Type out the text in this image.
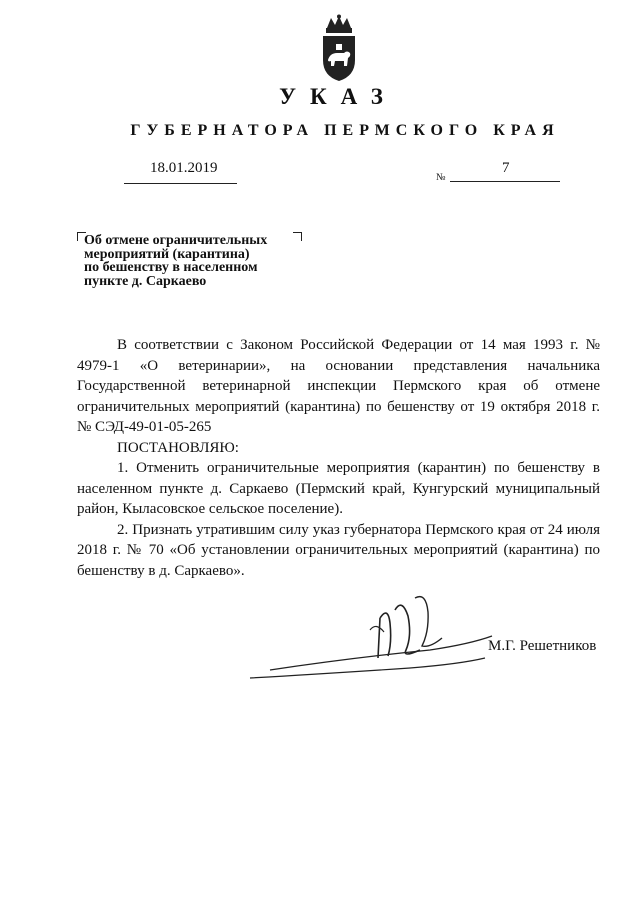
УКАЗ
ГУБЕРНАТОРА ПЕРМСКОГО КРАЯ
18.01.2019
№
7
Об отмене ограничительных
мероприятий (карантина)
по бешенству в населенном
пункте д. Саркаево

В соответствии с Законом Российской Федерации от 14 мая 1993 г. № 4979-1 «О ветеринарии», на основании представления начальника Государственной ветеринарной инспекции Пермского края об отмене ограничительных мероприятий (карантина) по бешенству от 19 октября 2018 г. № СЭД-49-01-05-265

ПОСТАНОВЛЯЮ:

1. Отменить ограничительные мероприятия (карантин) по бешенству в населенном пункте д. Саркаево (Пермский край, Кунгурский муниципальный район, Кыласовское сельское поселение).

2. Признать утратившим силу указ губернатора Пермского края от 24 июля 2018 г. № 70 «Об установлении ограничительных мероприятий (карантина) по бешенству в д. Саркаево».

М.Г. Решетников
